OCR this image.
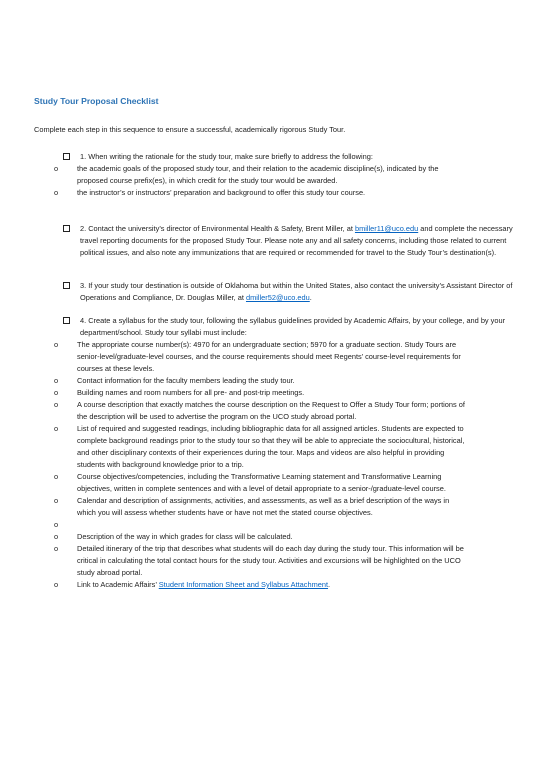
Study Tour Proposal Checklist
Complete each step in this sequence to ensure a successful, academically rigorous Study Tour.
1. When writing the rationale for the study tour, make sure briefly to address the following:
o	the academic goals of the proposed study tour, and their relation to the academic discipline(s), indicated by the proposed course prefix(es), in which credit for the study tour would be awarded.
o	the instructor’s or instructors’ preparation and background to offer this study tour course.
2. Contact the university’s director of Environmental Health & Safety, Brent Miller, at bmiller11@uco.edu and complete the necessary travel reporting documents for the proposed Study Tour. Please note any and all safety concerns, including those related to current political issues, and also note any immunizations that are required or recommended for travel to the Study Tour’s destination(s).
3. If your study tour destination is outside of Oklahoma but within the United States, also contact the university’s Assistant Director of Operations and Compliance, Dr. Douglas Miller, at dmiller52@uco.edu.
4. Create a syllabus for the study tour, following the syllabus guidelines provided by Academic Affairs, by your college, and by your department/school. Study tour syllabi must include:
o	The appropriate course number(s): 4970 for an undergraduate section; 5970 for a graduate section. Study Tours are senior-level/graduate-level courses, and the course requirements should meet Regents’ course-level requirements for courses at these levels.
o	Contact information for the faculty members leading the study tour.
o	Building names and room numbers for all pre- and post-trip meetings.
o	A course description that exactly matches the course description on the Request to Offer a Study Tour form; portions of the description will be used to advertise the program on the UCO study abroad portal.
o	List of required and suggested readings, including bibliographic data for all assigned articles. Students are expected to complete background readings prior to the study tour so that they will be able to appreciate the sociocultural, historical, and other disciplinary contexts of their experiences during the tour. Maps and videos are also helpful in providing students with background knowledge prior to a trip.
o	Course objectives/competencies, including the Transformative Learning statement and Transformative Learning objectives, written in complete sentences and with a level of detail appropriate to a senior-/graduate-level course.
o	Calendar and description of assignments, activities, and assessments, as well as a brief description of the ways in which you will assess whether students have or have not met the stated course objectives.
o
o	Description of the way in which grades for class will be calculated.
o	Detailed itinerary of the trip that describes what students will do each day during the study tour. This information will be critical in calculating the total contact hours for the study tour. Activities and excursions will be highlighted on the UCO study abroad portal.
o	Link to Academic Affairs’ Student Information Sheet and Syllabus Attachment.
